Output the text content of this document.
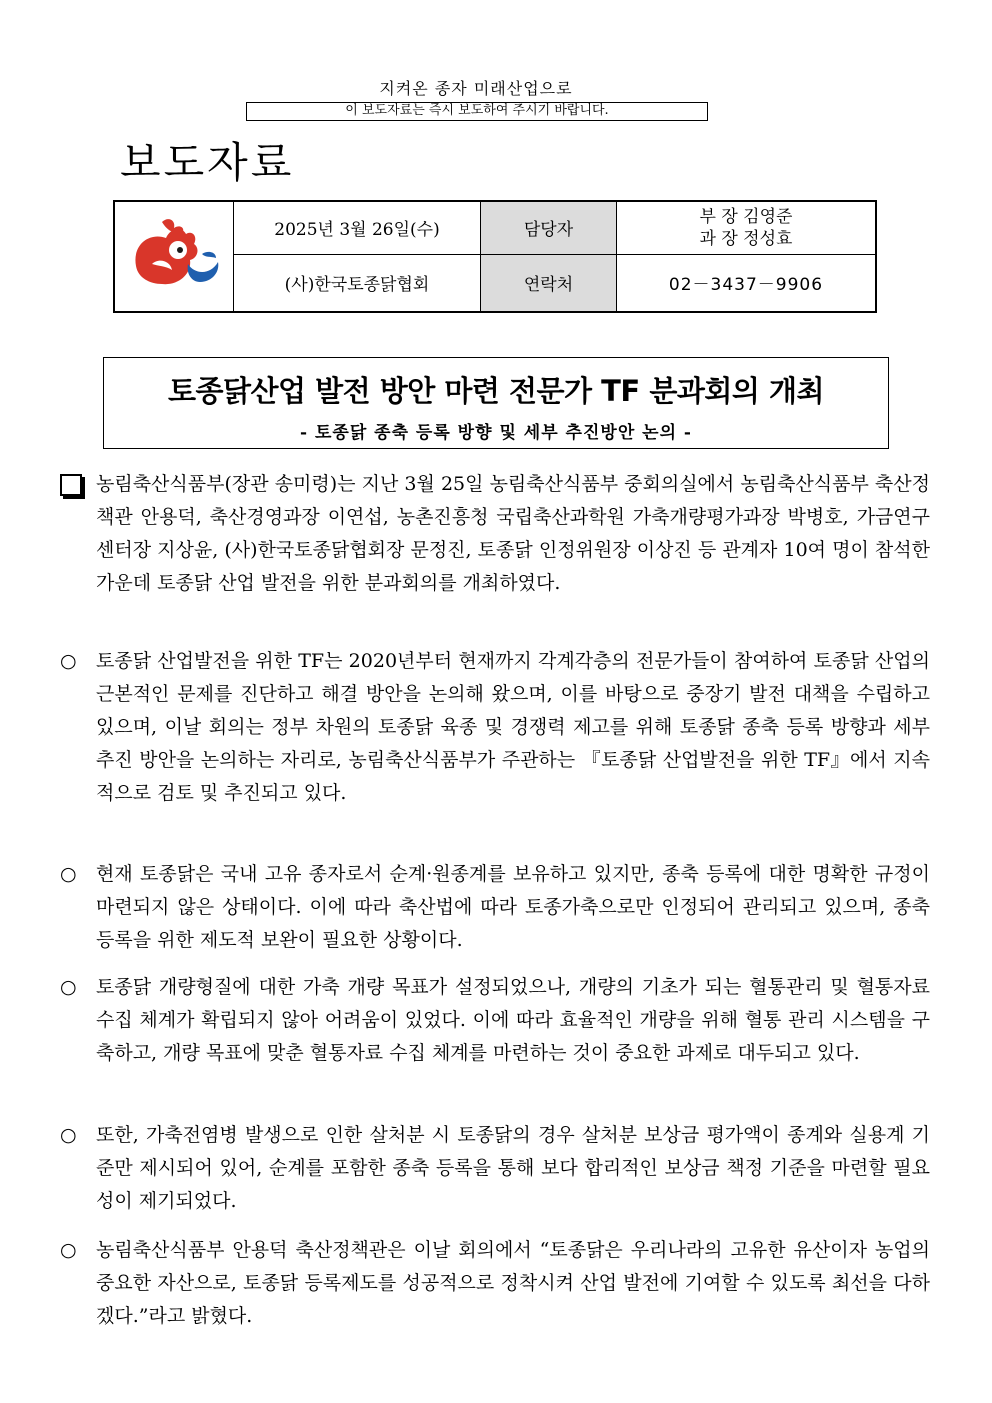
지켜온 종자 미래산업으로
이 보도자료는 즉시 보도하여 주시기 바랍니다.
보도자료
	2025년 3월 26일(수)	담당자	부 장 김영준
과 장 정성효

	(사)한국토종닭협회	연락처	02－3437－9906
토종닭산업 발전 방안 마련 전문가 TF 분과회의 개최
- 토종닭 종축 등록 방향 및 세부 추진방안 논의 -
농림축산식품부(장관 송미령)는 지난 3월 25일 농림축산식품부 중회의실에서 농림축산식품부 축산정책관 안용덕, 축산경영과장 이연섭, 농촌진흥청 국립축산과학원 가축개량평가과장 박병호, 가금연구센터장 지상윤, (사)한국토종닭협회장 문정진, 토종닭 인정위원장 이상진 등 관계자 10여 명이 참석한 가운데 토종닭 산업 발전을 위한 분과회의를 개최하였다.
○ 토종닭 산업발전을 위한 TF는 2020년부터 현재까지 각계각층의 전문가들이 참여하여 토종닭 산업의 근본적인 문제를 진단하고 해결 방안을 논의해 왔으며, 이를 바탕으로 중장기 발전 대책을 수립하고 있으며, 이날 회의는 정부 차원의 토종닭 육종 및 경쟁력 제고를 위해 토종닭 종축 등록 방향과 세부 추진 방안을 논의하는 자리로, 농림축산식품부가 주관하는 『토종닭 산업발전을 위한 TF』에서 지속적으로 검토 및 추진되고 있다.
○ 현재 토종닭은 국내 고유 종자로서 순계·원종계를 보유하고 있지만, 종축 등록에 대한 명확한 규정이 마련되지 않은 상태이다. 이에 따라 축산법에 따라 토종가축으로만 인정되어 관리되고 있으며, 종축 등록을 위한 제도적 보완이 필요한 상황이다.
○ 토종닭 개량형질에 대한 가축 개량 목표가 설정되었으나, 개량의 기초가 되는 혈통관리 및 혈통자료 수집 체계가 확립되지 않아 어려움이 있었다. 이에 따라 효율적인 개량을 위해 혈통 관리 시스템을 구축하고, 개량 목표에 맞춘 혈통자료 수집 체계를 마련하는 것이 중요한 과제로 대두되고 있다.
○ 또한, 가축전염병 발생으로 인한 살처분 시 토종닭의 경우 살처분 보상금 평가액이 종계와 실용계 기준만 제시되어 있어, 순계를 포함한 종축 등록을 통해 보다 합리적인 보상금 책정 기준을 마련할 필요성이 제기되었다.
○ 농림축산식품부 안용덕 축산정책관은 이날 회의에서 “토종닭은 우리나라의 고유한 유산이자 농업의 중요한 자산으로, 토종닭 등록제도를 성공적으로 정착시켜 산업 발전에 기여할 수 있도록 최선을 다하겠다.”라고 밝혔다.
